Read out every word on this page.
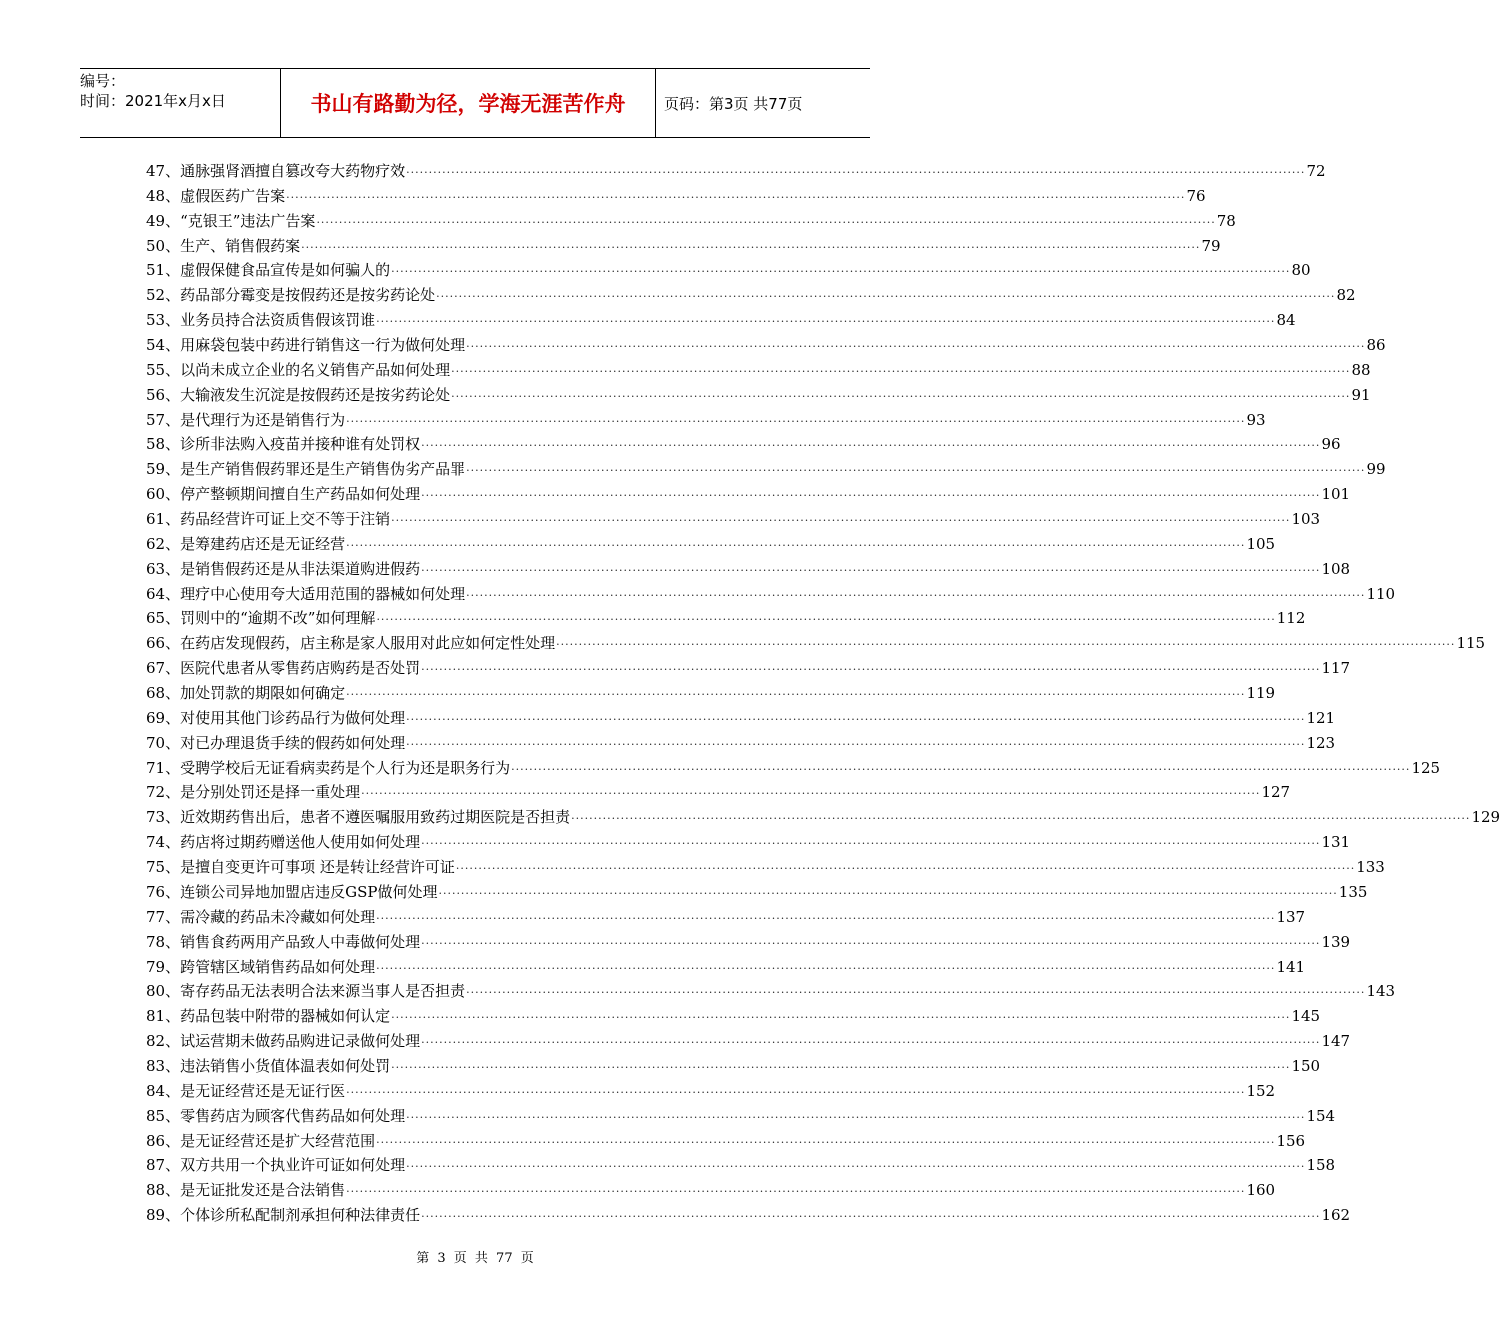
编号：
时间：2021年x月x日	书山有路勤为径，学海无涯苦作舟	页码：第3页 共77页
47、 通脉强肾酒擅自篡改夸大药物疗效 ········································································································································································································ 72
48、 虚假医药广告案 ········································································································································································································ 76
49、 “克银王”违法广告案 ········································································································································································································ 78
50、 生产、销售假药案 ········································································································································································································ 79
51、 虚假保健食品宣传是如何骗人的 ········································································································································································································ 80
52、 药品部分霉变是按假药还是按劣药论处 ········································································································································································································ 82
53、 业务员持合法资质售假该罚谁 ········································································································································································································ 84
54、 用麻袋包装中药进行销售这一行为做何处理 ········································································································································································································ 86
55、 以尚未成立企业的名义销售产品如何处理 ········································································································································································································ 88
56、 大输液发生沉淀是按假药还是按劣药论处 ········································································································································································································ 91
57、 是代理行为还是销售行为 ········································································································································································································ 93
58、 诊所非法购入疫苗并接种谁有处罚权 ········································································································································································································ 96
59、 是生产销售假药罪还是生产销售伪劣产品罪 ········································································································································································································ 99
60、 停产整顿期间擅自生产药品如何处理 ········································································································································································································ 101
61、 药品经营许可证上交不等于注销 ········································································································································································································ 103
62、 是筹建药店还是无证经营 ········································································································································································································ 105
63、 是销售假药还是从非法渠道购进假药 ········································································································································································································ 108
64、 理疗中心使用夸大适用范围的器械如何处理 ········································································································································································································ 110
65、 罚则中的“逾期不改”如何理解 ········································································································································································································ 112
66、 在药店发现假药，店主称是家人服用对此应如何定性处理 ········································································································································································································ 115
67、 医院代患者从零售药店购药是否处罚 ········································································································································································································ 117
68、 加处罚款的期限如何确定 ········································································································································································································ 119
69、 对使用其他门诊药品行为做何处理 ········································································································································································································ 121
70、 对已办理退货手续的假药如何处理 ········································································································································································································ 123
71、 受聘学校后无证看病卖药是个人行为还是职务行为 ········································································································································································································ 125
72、 是分别处罚还是择一重处理 ········································································································································································································ 127
73、 近效期药售出后，患者不遵医嘱服用致药过期医院是否担责 ········································································································································································································ 129
74、 药店将过期药赠送他人使用如何处理 ········································································································································································································ 131
75、 是擅自变更许可事项 还是转让经营许可证 ········································································································································································································ 133
76、 连锁公司异地加盟店违反GSP做何处理 ········································································································································································································ 135
77、 需冷藏的药品未冷藏如何处理 ········································································································································································································ 137
78、 销售食药两用产品致人中毒做何处理 ········································································································································································································ 139
79、 跨管辖区域销售药品如何处理 ········································································································································································································ 141
80、 寄存药品无法表明合法来源当事人是否担责 ········································································································································································································ 143
81、 药品包装中附带的器械如何认定 ········································································································································································································ 145
82、 试运营期未做药品购进记录做何处理 ········································································································································································································ 147
83、 违法销售小货值体温表如何处罚 ········································································································································································································ 150
84、 是无证经营还是无证行医 ········································································································································································································ 152
85、 零售药店为顾客代售药品如何处理 ········································································································································································································ 154
86、 是无证经营还是扩大经营范围 ········································································································································································································ 156
87、 双方共用一个执业许可证如何处理 ········································································································································································································ 158
88、 是无证批发还是合法销售 ········································································································································································································ 160
89、 个体诊所私配制剂承担何种法律责任 ········································································································································································································ 162
第 3 页 共 77 页
